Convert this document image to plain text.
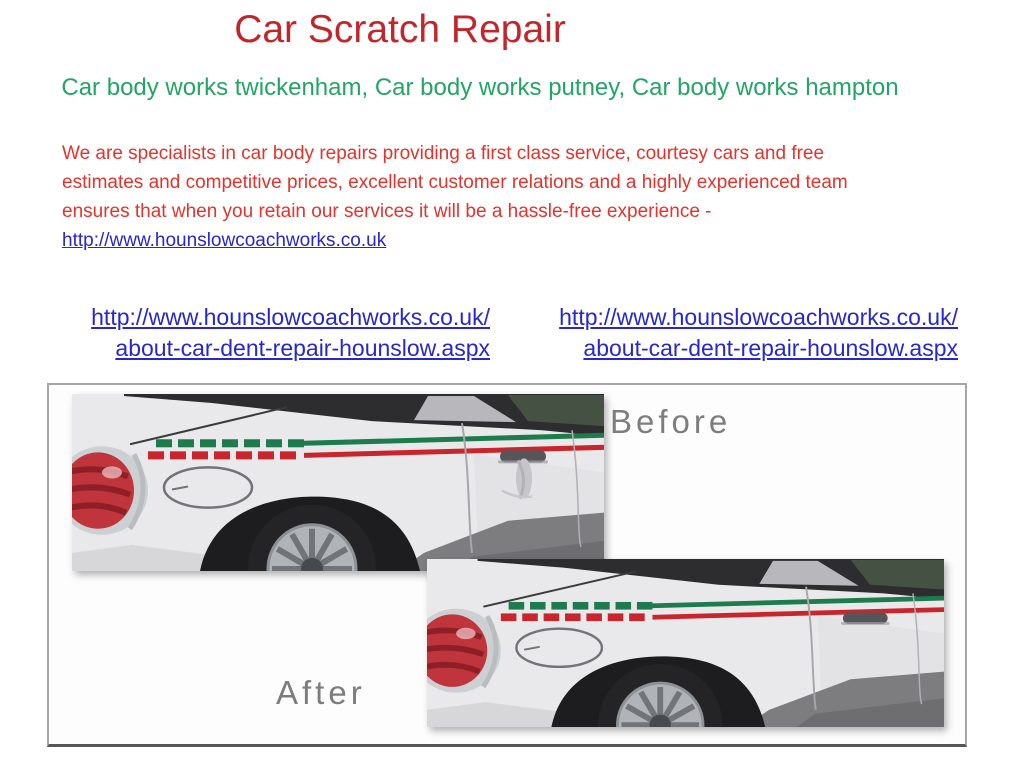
Car Scratch Repair
Car body works twickenham, Car body works putney, Car body works hampton
We are specialists in car body repairs providing a first class service, courtesy cars and free
estimates and competitive prices, excellent customer relations and a highly experienced team
ensures that when you retain our services it will be a hassle-free experience -
http://www.hounslowcoachworks.co.uk
http://www.hounslowcoachworks.co.uk/
about-car-dent-repair-hounslow.aspx
http://www.hounslowcoachworks.co.uk/
about-car-dent-repair-hounslow.aspx
Before
After
